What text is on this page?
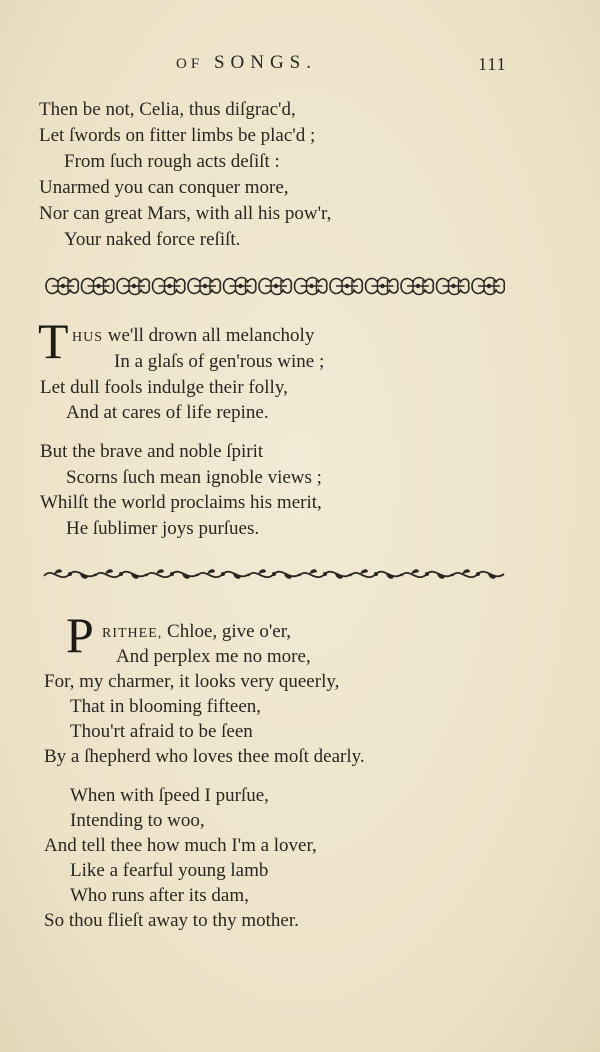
OF SONGS.	111
Then be not, Celia, thus diſgrac'd,
Let ſwords on fitter limbs be plac'd ;
From ſuch rough acts deſiſt :
Unarmed you can conquer more,
Nor can great Mars, with all his pow'r,
Your naked force reſiſt.
T HUS we'll drown all melancholy
In a glaſs of gen'rous wine ;
Let dull fools indulge their folly,
And at cares of life repine.
But the brave and noble ſpirit
Scorns ſuch mean ignoble views ;
Whilſt the world proclaims his merit,
He ſublimer joys purſues.
P RITHEE, Chloe, give o'er,
And perplex me no more,
For, my charmer, it looks very queerly,
That in blooming fifteen,
Thou'rt afraid to be ſeen
By a ſhepherd who loves thee moſt dearly.
When with ſpeed I purſue,
Intending to woo,
And tell thee how much I'm a lover,
Like a fearful young lamb
Who runs after its dam,
So thou flieſt away to thy mother.
